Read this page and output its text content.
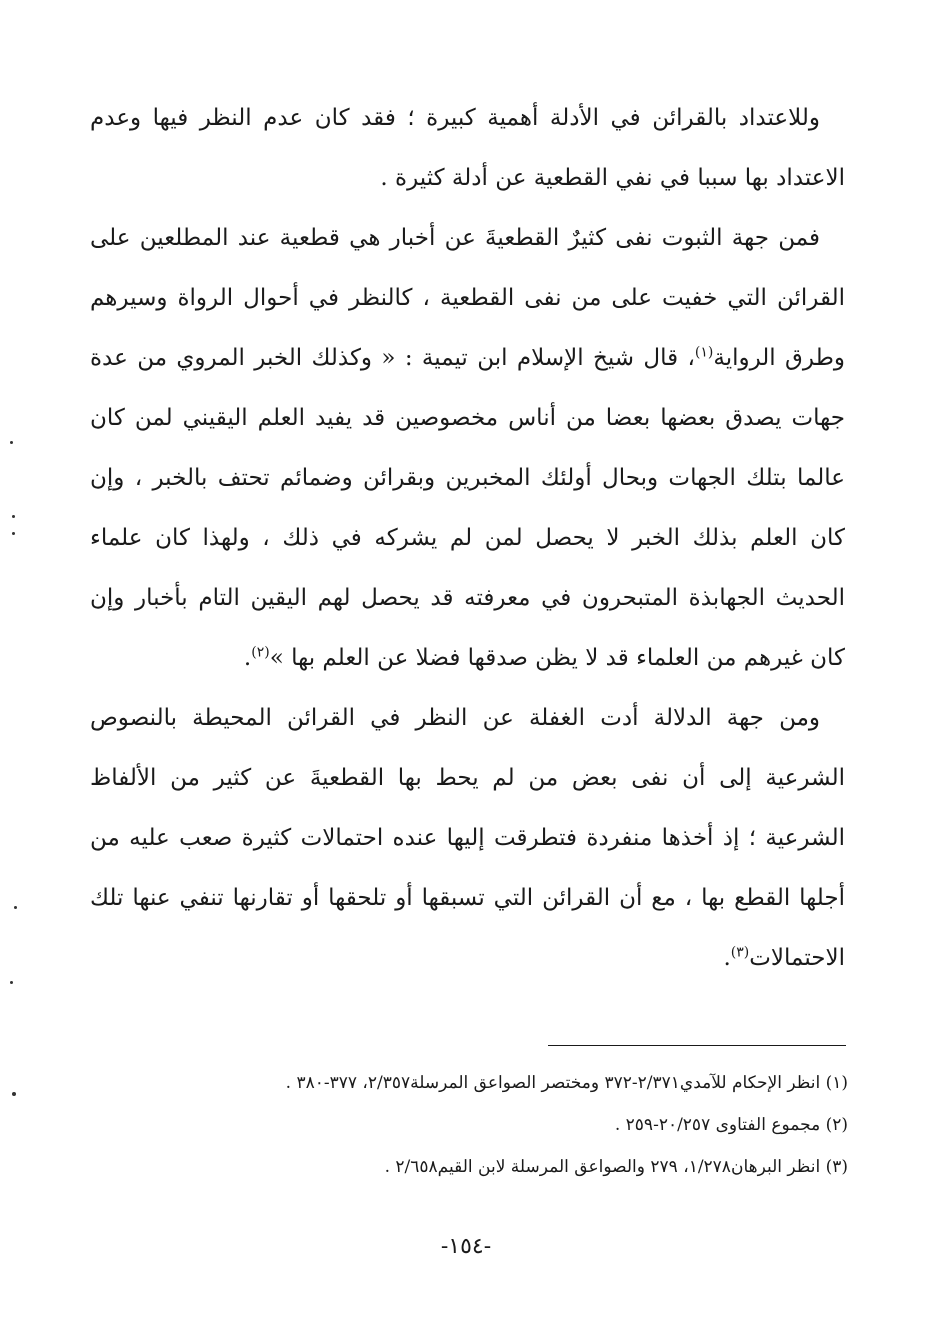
وللاعتداد بالقرائن في الأدلة أهمية كبيرة ؛ فقد كان عدم النظر فيها وعدم الاعتداد بها سببا في نفي القطعية عن أدلة كثيرة .

فمن جهة الثبوت نفى كثيرٌ القطعيةَ عن أخبار هي قطعية عند المطلعين على القرائن التي خفيت على من نفى القطعية ، كالنظر في أحوال الرواة وسيرهم وطرق الرواية$^{(١)}$، قال شيخ الإسلام ابن تيمية : « وكذلك الخبر المروي من عدة جهات يصدق بعضها بعضا من أناس مخصوصين قد يفيد العلم اليقيني لمن كان عالما بتلك الجهات وبحال أولئك المخبرين وبقرائن وضمائم تحتف بالخبر ، وإن كان العلم بذلك الخبر لا يحصل لمن لم يشركه في ذلك ، ولهذا كان علماء الحديث الجهابذة المتبحرون في معرفته قد يحصل لهم اليقين التام بأخبار وإن كان غيرهم من العلماء قد لا يظن صدقها فضلا عن العلم بها »$^{(٢)}$.

ومن جهة الدلالة أدت الغفلة عن النظر في القرائن المحيطة بالنصوص الشرعية إلى أن نفى بعض من لم يحط بها القطعيةَ عن كثير من الألفاظ الشرعية ؛ إذ أخذها منفردة فتطرقت إليها عنده احتمالات كثيرة صعب عليه من أجلها القطع بها ، مع أن القرائن التي تسبقها أو تلحقها أو تقارنها تنفي عنها تلك الاحتمالات$^{(٣)}$.

(١) انظر الإحكام للآمدي٢/٣٧١-٣٧٢ ومختصر الصواعق المرسلة٢/٣٥٧، ٣٧٧-٣٨٠ .

(٢) مجموع الفتاوى ٢٠/٢٥٧-٢٥٩ .

(٣) انظر البرهان١/٢٧٨، ٢٧٩ والصواعق المرسلة لابن القيم٢/٦٥٨ .

-١٥٤-
